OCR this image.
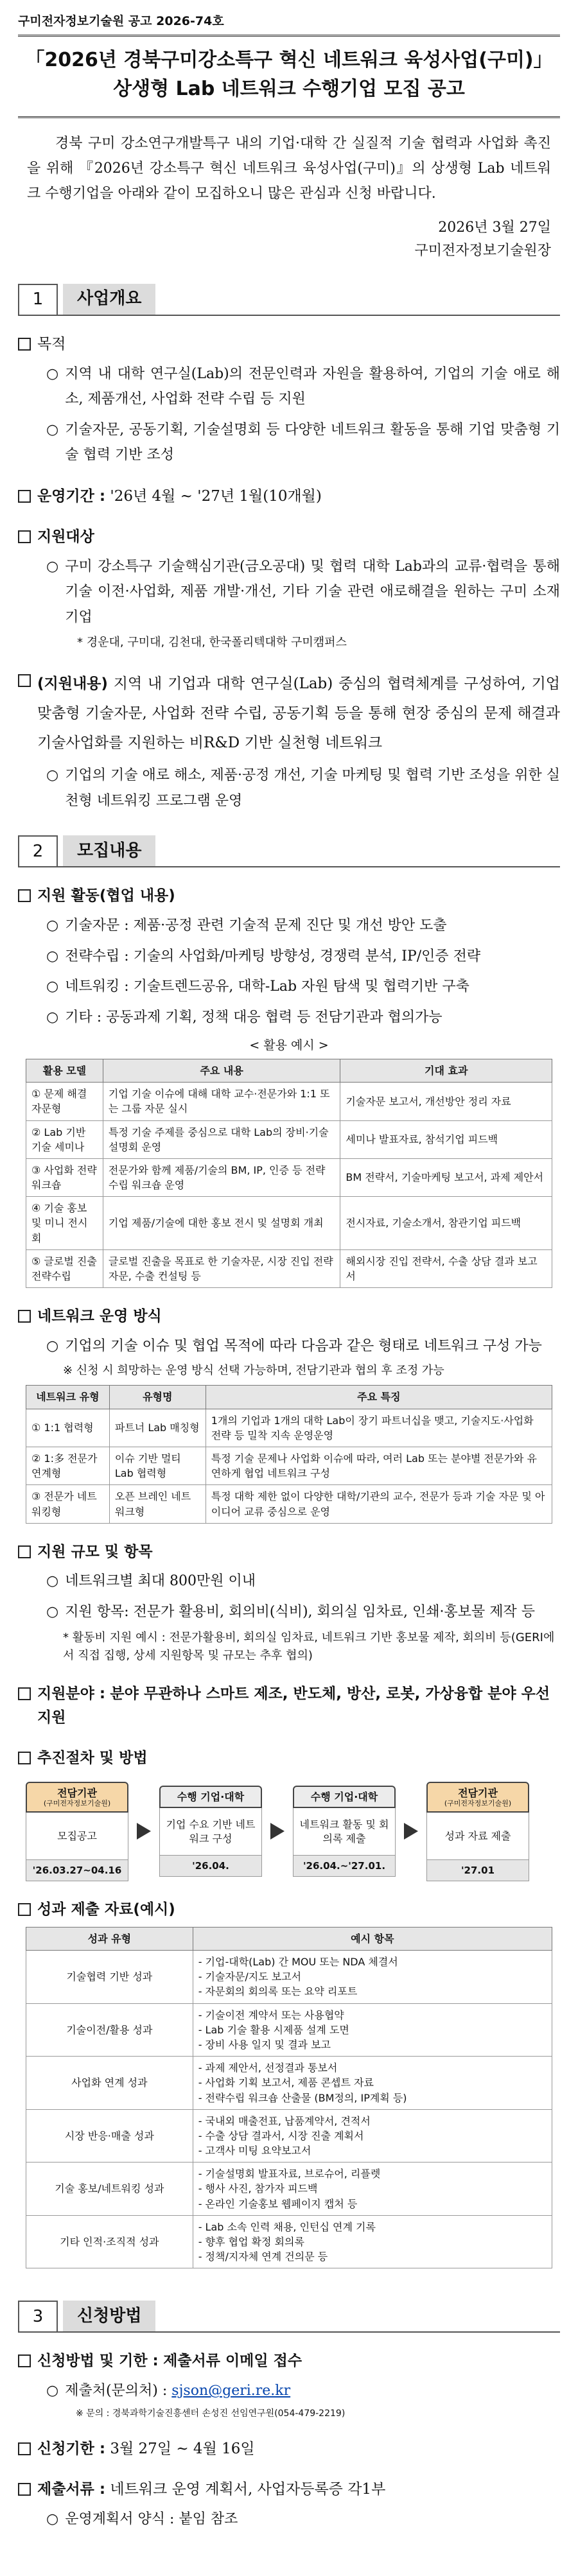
구미전자정보기술원 공고 2026-74호
「2026년 경북구미강소특구 혁신 네트워크 육성사업(구미)」
상생형 Lab 네트워크 수행기업 모집 공고

경북 구미 강소연구개발특구 내의 기업·대학 간 실질적 기술 협력과 사업화 촉진을 위해 『2026년 강소특구 혁신 네트워크 육성사업(구미)』의 상생형 Lab 네트워크 수행기업을 아래와 같이 모집하오니 많은 관심과 신청 바랍니다.

2026년 3월 27일
구미전자정보기술원장
1	사업개요
목적
○ 지역 내 대학 연구실(Lab)의 전문인력과 자원을 활용하여, 기업의 기술 애로 해소, 제품개선, 사업화 전략 수립 등 지원
○ 기술자문, 공동기획, 기술설명회 등 다양한 네트워크 활동을 통해 기업 맞춤형 기술 협력 기반 조성
운영기간 : '26년 4월 ~ '27년 1월(10개월)
지원대상
○ 구미 강소특구 기술핵심기관(금오공대) 및 협력 대학 Lab과의 교류·협력을 통해 기술 이전·사업화, 제품 개발·개선, 기타 기술 관련 애로해결을 원하는 구미 소재 기업
* 경운대, 구미대, 김천대, 한국폴리텍대학 구미캠퍼스
(지원내용) 지역 내 기업과 대학 연구실(Lab) 중심의 협력체계를 구성하여, 기업 맞춤형 기술자문, 사업화 전략 수립, 공동기획 등을 통해 현장 중심의 문제 해결과 기술사업화를 지원하는 비R&D 기반 실천형 네트워크
○ 기업의 기술 애로 해소, 제품·공정 개선, 기술 마케팅 및 협력 기반 조성을 위한 실천형 네트워킹 프로그램 운영
2	모집내용
지원 활동(협업 내용)
○ 기술자문 : 제품·공정 관련 기술적 문제 진단 및 개선 방안 도출
○ 전략수립 : 기술의 사업화/마케팅 방향성, 경쟁력 분석, IP/인증 전략
○ 네트워킹 : 기술트렌드공유, 대학-Lab 자원 탐색 및 협력기반 구축
○ 기타 : 공동과제 기획, 정책 대응 협력 등 전담기관과 협의가능
< 활용 예시 >
활용 모델	주요 내용	기대 효과
① 문제 해결 자문형	기업 기술 이슈에 대해 대학 교수·전문가와 1:1 또는 그룹 자문 실시	기술자문 보고서, 개선방안 정리 자료
② Lab 기반 기술 세미나	특정 기술 주제를 중심으로 대학 Lab의 장비·기술 설명회 운영	세미나 발표자료, 참석기업 피드백
③ 사업화 전략 워크숍	전문가와 함께 제품/기술의 BM, IP, 인증 등 전략 수립 워크숍 운영	BM 전략서, 기술마케팅 보고서, 과제 제안서
④ 기술 홍보 및 미니 전시회	기업 제품/기술에 대한 홍보 전시 및 설명회 개최	전시자료, 기술소개서, 참관기업 피드백
⑤ 글로벌 진출 전략수립	글로벌 진출을 목표로 한 기술자문, 시장 진입 전략 자문, 수출 컨설팅 등	해외시장 진입 전략서, 수출 상담 결과 보고서
네트워크 운영 방식
○ 기업의 기술 이슈 및 협업 목적에 따라 다음과 같은 형태로 네트워크 구성 가능
※ 신청 시 희망하는 운영 방식 선택 가능하며, 전담기관과 협의 후 조정 가능
네트워크 유형	유형명	주요 특징
① 1:1 협력형	파트너 Lab 매칭형	1개의 기업과 1개의 대학 Lab이 장기 파트너십을 맺고, 기술지도·사업화 전략 등 밀착 지속 운영운영
② 1:多 전문가 연계형	이슈 기반 멀티 Lab 협력형	특정 기술 문제나 사업화 이슈에 따라, 여러 Lab 또는 분야별 전문가와 유연하게 협업 네트워크 구성
③ 전문가 네트워킹형	오픈 브레인 네트워크형	특정 대학 제한 없이 다양한 대학/기관의 교수, 전문가 등과 기술 자문 및 아이디어 교류 중심으로 운영
지원 규모 및 항목
○ 네트워크별 최대 800만원 이내
○ 지원 항목: 전문가 활용비, 회의비(식비), 회의실 임차료, 인쇄·홍보물 제작 등
* 활동비 지원 예시 : 전문가활용비, 회의실 임차료, 네트워크 기반 홍보물 제작, 회의비 등(GERI에서 직접 집행, 상세 지원항목 및 규모는 추후 협의)
지원분야 : 분야 무관하나 스마트 제조, 반도체, 방산, 로봇, 가상융합 분야 우선 지원
추진절차 및 방법
전담기관
(구미전자정보기술원)
모집공고
'26.03.27~04.16
수행 기업·대학
기업 수요 기반 네트워크 구성
'26.04.
수행 기업·대학
네트워크 활동 및 회의록 제출
'26.04.~'27.01.
전담기관
(구미전자정보기술원)
성과 자료 제출
'27.01
성과 제출 자료(예시)
성과 유형	예시 항목
기술협력 기반 성과	- 기업-대학(Lab) 간 MOU 또는 NDA 체결서
- 기술자문/지도 보고서
- 자문회의 회의록 또는 요약 리포트
기술이전/활용 성과	- 기술이전 계약서 또는 사용협약
- Lab 기술 활용 시제품 설계 도면
- 장비 사용 일지 및 결과 보고
사업화 연계 성과	- 과제 제안서, 선정결과 통보서
- 사업화 기획 보고서, 제품 콘셉트 자료
- 전략수립 워크숍 산출물 (BM정의, IP계획 등)
시장 반응·매출 성과	- 국내외 매출전표, 납품계약서, 견적서
- 수출 상담 결과서, 시장 진출 계획서
- 고객사 미팅 요약보고서
기술 홍보/네트워킹 성과	- 기술설명회 발표자료, 브로슈어, 리플렛
- 행사 사진, 참가자 피드백
- 온라인 기술홍보 웹페이지 캡처 등
기타 인적·조직적 성과	- Lab 소속 인력 채용, 인턴십 연계 기록
- 향후 협업 확정 회의록
- 정책/지자체 연계 건의문 등
3	신청방법
신청방법 및 기한 : 제출서류 이메일 접수
○ 제출처(문의처) : sjson@geri.re.kr
※ 문의 : 경북과학기술진흥센터 손성진 선임연구원(054-479-2219)
신청기한 : 3월 27일 ~ 4월 16일
제출서류 : 네트워크 운영 계획서, 사업자등록증 각1부
○ 운영계획서 양식 : 붙임 참조
